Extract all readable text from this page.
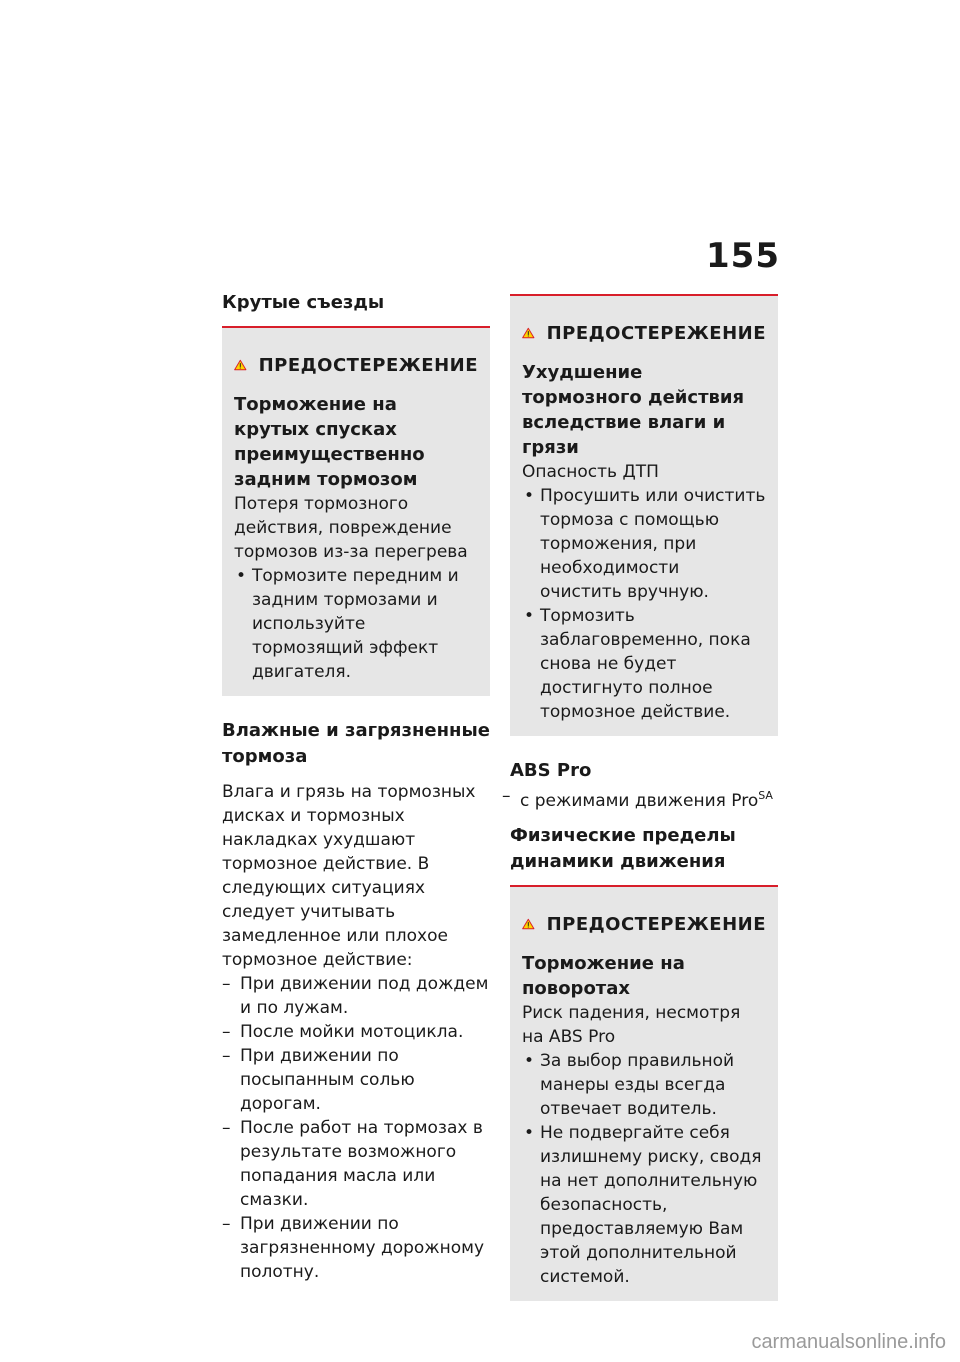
155
Крутые съезды
ПРЕДОСТЕРЕЖЕНИЕ
Торможение на крутых спусках преимущественно задним тормозом
Потеря тормозного действия, повреждение тормозов из-за перегрева
• Тормозите передним и задним тормозами и используйте тормозящий эффект двигателя.
Влажные и загрязненные тормоза

Влага и грязь на тормозных дисках и тормозных накладках ухудшают тормозное действие. В следующих ситуациях следует учитывать замедленное или плохое тормозное действие:

– При движении под дождем и по лужам.
– После мойки мотоцикла.
– При движении по посыпанным солью дорогам.
– После работ на тормозах в результате возможного попадания масла или смазки.
– При движении по загрязненному дорожному полотну.
ПРЕДОСТЕРЕЖЕНИЕ
Ухудшение тормозного действия вследствие влаги и грязи
Опасность ДТП
• Просушить или очистить тормоза с помощью торможения, при необходимости очистить вручную.
• Тормозить заблаговременно, пока снова не будет достигнуто полное тормозное действие.
ABS Pro
– с режимами движения Pro$^{SA}$
Физические пределы динамики движения
ПРЕДОСТЕРЕЖЕНИЕ
Торможение на поворотах
Риск падения, несмотря на ABS Pro
• За выбор правильной манеры езды всегда отвечает водитель.
• Не подвергайте себя излишнему риску, сводя на нет дополнительную безопасность, предоставляемую Вам этой дополнительной системой.
carmanualsonline.info
